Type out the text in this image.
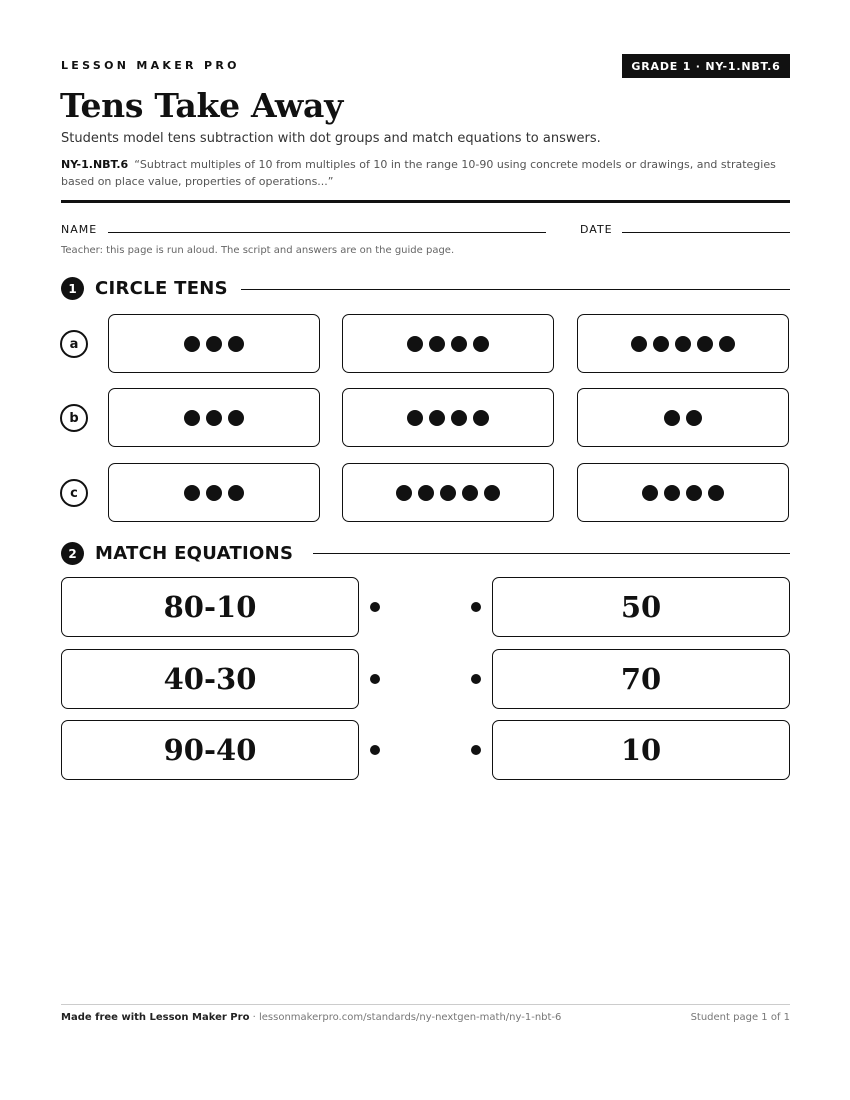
LESSON MAKER PRO	GRADE 1 · NY-1.NBT.6
Tens Take Away
Students model tens subtraction with dot groups and match equations to answers.
NY-1.NBT.6 “Subtract multiples of 10 from multiples of 10 in the range 10-90 using concrete models or drawings, and strategies based on place value, properties of operations...”
NAME	DATE
Teacher: this page is run aloud. The script and answers are on the guide page.
1	CIRCLE TENS
a
b
c
2	MATCH EQUATIONS
80-10	50
40-30	70
90-40	10
Made free with Lesson Maker Pro · lessonmakerpro.com/standards/ny-nextgen-math/ny-1-nbt-6	Student page 1 of 1
